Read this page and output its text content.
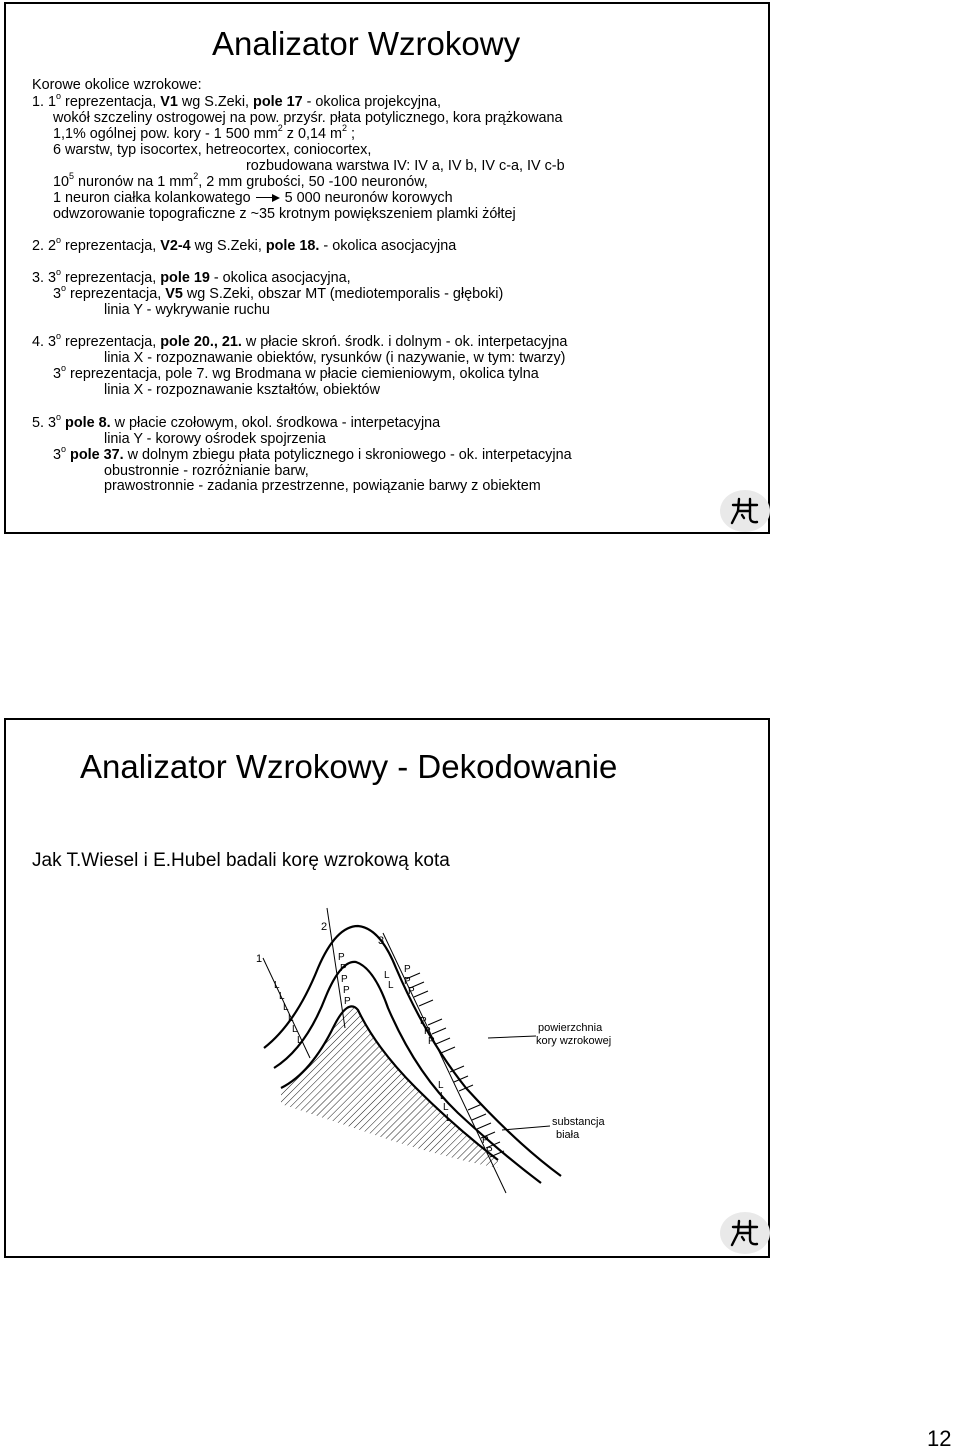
Analizator Wzrokowy
Korowe okolice wzrokowe:
1. 1$^o$ reprezentacja, V1 wg S.Zeki, pole 17 - okolica projekcyjna,
wokół szczeliny ostrogowej na pow. przyśr. płata potylicznego, kora prążkowana
1,1% ogólnej pow. kory - 1 500 $mm^2$ z 0,14 $m^2$ ;
6 warstw, typ isocortex, hetreocortex, coniocortex,
rozbudowana warstwa IV: IV a, IV b, IV c-a, IV c-b
$10^5$ nuronów na 1 $mm^2$, 2 mm grubości, 50 -100 neuronów,
1 neuron ciałka kolankowatego  5 000 neuronów korowych
odwzorowanie topograficzne z ~35 krotnym powiększeniem plamki żółtej
2. 2$^o$ reprezentacja, V2-4 wg S.Zeki, pole 18. - okolica asocjacyjna
3. 3$^o$ reprezentacja, pole 19 - okolica asocjacyjna,
3$^o$ reprezentacja, V5 wg S.Zeki, obszar MT (mediotemporalis - głęboki)
linia Y - wykrywanie ruchu
4. 3$^o$ reprezentacja, pole 20., 21. w płacie skroń. środk. i dolnym - ok. interpetacyjna
linia X - rozpoznawanie obiektów, rysunków (i nazywanie, w tym: twarzy)
3$^o$ reprezentacja, pole 7. wg Brodmana w płacie ciemieniowym, okolica tylna
linia X - rozpoznawanie kształtów, obiektów
5. 3$^o$ pole 8. w płacie czołowym, okol. środkowa - interpetacyjna
linia Y - korowy ośrodek spojrzenia
3$^o$ pole 37. w dolnym zbiegu płata potylicznego i skroniowego - ok. interpetacyjna
obustronnie - rozróżnianie barw,
prawostronnie - zadania przestrzenne, powiązanie barwy z obiektem
Analizator Wzrokowy - Dekodowanie
Jak T.Wiesel i E.Hubel badali korę wzrokową kota
1
2
3
L
L
L
L
L
L
P
P
P
P
P
L
L
P
P
P
P
P
P
L
L
L
L
P
P
powierzchnia
kory wzrokowej
substancja
biała
12
